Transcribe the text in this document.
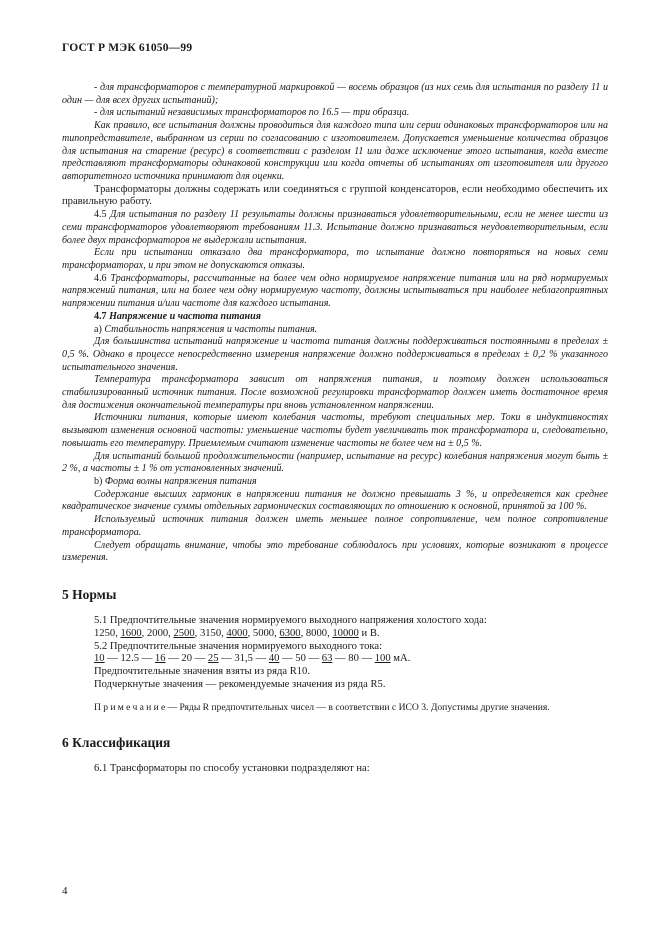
ГОСТ Р МЭК 61050—99

- для трансформаторов с температурной маркировкой — восемь образцов (из них семь для испытания по разделу 11 и один — для всех других испытаний);

- для испытаний независимых трансформаторов по 16.5 — три образца.

Как правило, все испытания должны проводиться для каждого типа или серии одинаковых трансформаторов или на типопредставителе, выбранном из серии по согласованию с изготовителем. Допускается уменьшение количества образцов для испытания на старение (ресурс) в соответствии с разделом 11 или даже исключение этого испытания, когда вместе представляют трансформаторы одинаковой конструкции или когда отчеты об испытаниях от изготовителя или другого авторитетного источника принимают для оценки.

Трансформаторы должны содержать или соединяться с группой конденсаторов, если необходимо обеспечить их правильную работу.

4.5 Для испытания по разделу 11 результаты должны признаваться удовлетворительными, если не менее шести из семи трансформаторов удовлетворяют требованиям 11.3. Испытание должно признаваться неудовлетворительным, если более двух трансформаторов не выдержали испытания.

Если при испытании отказало два трансформатора, то испытание должно повторяться на новых семи трансформаторах, и при этом не допускаются отказы.

4.6 Трансформаторы, рассчитанные на более чем одно нормируемое напряжение питания или на ряд нормируемых напряжений питания, или на более чем одну нормируемую частоту, должны испытываться при наиболее неблагоприятных напряжении питания и/или частоте для каждого испытания.

4.7 Напряжение и частота питания

a) Стабильность напряжения и частоты питания.

Для большинства испытаний напряжение и частота питания должны поддерживаться постоянными в пределах ± 0,5 %. Однако в процессе непосредственно измерения напряжение должно поддерживаться в пределах ± 0,2 % указанного испытательного значения.

Температура трансформатора зависит от напряжения питания, и поэтому должен использоваться стабилизированный источник питания. После возможной регулировки трансформатор должен иметь достаточное время для достижения окончательной температуры при вновь установленном напряжении.

Источники питания, которые имеют колебания частоты, требуют специальных мер. Токи в индуктивностях вызывают изменения основной частоты: уменьшение частоты будет увеличивать ток трансформатора и, следовательно, повышать его температуру. Приемлемым считают изменение частоты не более чем на ± 0,5 %.

Для испытаний большой продолжительности (например, испытание на ресурс) колебания напряжения могут быть ± 2 %, а частоты ± 1 % от установленных значений.

b) Форма волны напряжения питания

Содержание высших гармоник в напряжении питания не должно превышать 3 %, и определяется как среднее квадратическое значение суммы отдельных гармонических составляющих по отношению к основной, принятой за 100 %.

Используемый источник питания должен иметь меньшее полное сопротивление, чем полное сопротивление трансформатора.

Следует обращать внимание, чтобы это требование соблюдалось при условиях, которые возникают в процессе измерения.

5 Нормы

5.1 Предпочтительные значения нормируемого выходного напряжения холостого хода:

1250, 1600, 2000, 2500, 3150, 4000, 5000, 6300, 8000, 10000 и В.

5.2 Предпочтительные значения нормируемого выходного тока:

10 — 12.5 — 16 — 20 — 25 — 31,5 — 40 — 50 — 63 — 80 — 100 мА.

Предпочтительные значения взяты из ряда R10.

Подчеркнутые значения — рекомендуемые значения из ряда R5.

Примечание— Ряды R предпочтительных чисел — в соответствии с ИСО 3. Допустимы другие значения.

6 Классификация

6.1 Трансформаторы по способу установки подразделяют на:

4
